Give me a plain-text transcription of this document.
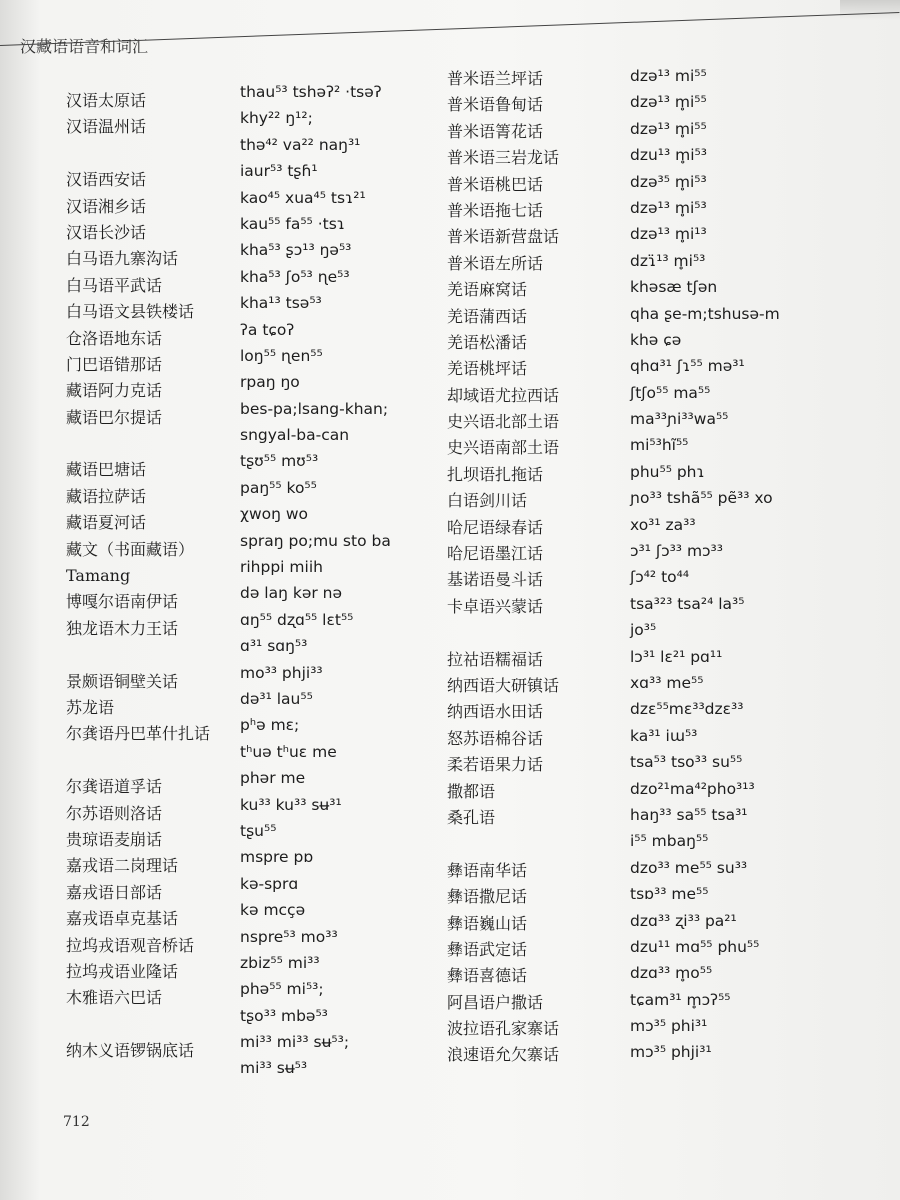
汉藏语语音和词汇
汉语太原话
汉语温州话
汉语西安话
汉语湘乡话
汉语长沙话
白马语九寨沟话
白马语平武话
白马语文县铁楼话
仓洛语地东话
门巴语错那话
藏语阿力克话
藏语巴尔提话
藏语巴塘话
藏语拉萨话
藏语夏河话
藏文（书面藏语）
Tamang
博嘎尔语南伊话
独龙语木力王话
景颇语铜壁关话
苏龙语
尔龚语丹巴革什扎话
尔龚语道孚话
尔苏语则洛话
贵琼语麦崩话
嘉戎语二岗理话
嘉戎语日部话
嘉戎语卓克基话
拉坞戎语观音桥话
拉坞戎语业隆话
木雅语六巴话
纳木义语锣锅底话
thau⁵³ tshəʔ² ·tsəʔ
khy²² ŋ¹²;
thə⁴² va²² naŋ³¹
iaur⁵³ tʂɦ¹
kao⁴⁵ xua⁴⁵ tsɿ²¹
kau⁵⁵ fa⁵⁵ ·tsɿ
kha⁵³ ʂɔ¹³ ŋə⁵³
kha⁵³ ʃo⁵³ ɳe⁵³
kha¹³ tsə⁵³
ʔa tɕoʔ
loŋ⁵⁵ ɳen⁵⁵
rpaŋ ŋo
bes-pa;lsang-khan;
sngyal-ba-can
tʂʊ⁵⁵ mʊ⁵³
paŋ⁵⁵ ko⁵⁵
χwoŋ wo
spraŋ po;mu sto ba
rihppi miih
də laŋ kər nə
ɑŋ⁵⁵ dʐɑ⁵⁵ lɛt⁵⁵
ɑ³¹ sɑŋ⁵³
mo³³ phji³³
də³¹ lau⁵⁵
pʰə mɛ;
tʰuə tʰuɛ me
phər me
ku³³ ku³³ sʉ³¹
tʂu⁵⁵
mspre pɒ
kə-sprɑ
kə mcçə
nspre⁵³ mo³³
zbiz⁵⁵ mi³³
phə⁵⁵ mi⁵³;
tʂo³³ mbə⁵³
mi³³ mi³³ sʉ⁵³;
mi³³ sʉ⁵³
普米语兰坪话
普米语鲁甸话
普米语箐花话
普米语三岩龙话
普米语桃巴话
普米语拖七话
普米语新营盘话
普米语左所话
羌语麻窝话
羌语蒲西话
羌语松潘话
羌语桃坪话
却域语尤拉西话
史兴语北部土语
史兴语南部土语
扎坝语扎拖话
白语剑川话
哈尼语绿春话
哈尼语墨江话
基诺语曼斗话
卡卓语兴蒙话
拉祜语糯福话
纳西语大研镇话
纳西语水田话
怒苏语棉谷话
柔若语果力话
撒都语
桑孔语
彝语南华话
彝语撒尼话
彝语巍山话
彝语武定话
彝语喜德话
阿昌语户撒话
波拉语孔家寨话
浪速语允欠寨话
dzə¹³ mi⁵⁵
dzə¹³ m̥i⁵⁵
dzə¹³ m̥i⁵⁵
dzu¹³ m̥i⁵³
dzə³⁵ m̥i⁵³
dzə¹³ m̥i⁵³
dzə¹³ m̥i¹³
dzɿ̈¹³ m̥i⁵³
khəsæ tʃən
qha ʂe-m;tshusə-m
khə ɕə
qhɑ³¹ ʃɿ⁵⁵ mə³¹
ʃtʃo⁵⁵ ma⁵⁵
ma³³ɲi³³wa⁵⁵
mi⁵³hĩ⁵⁵
phu⁵⁵ phɿ
ɲo³³ tshã⁵⁵ pẽ³³ xo
xo³¹ za³³
ɔ³¹ ʃɔ³³ mɔ³³
ʃɔ⁴² to⁴⁴
tsa³²³ tsa²⁴ la³⁵
jo³⁵
lɔ³¹ lɛ²¹ pɑ¹¹
xɑ³³ me⁵⁵
dzɛ⁵⁵mɛ³³dzɛ³³
ka³¹ iɯ⁵³
tsa⁵³ tso³³ su⁵⁵
dzo²¹ma⁴²pho³¹³
haŋ³³ sa⁵⁵ tsa³¹
i⁵⁵ mbaŋ⁵⁵
dzo³³ me⁵⁵ su³³
tsɒ³³ me⁵⁵
dzɑ³³ ʐi³³ pa²¹
dzu¹¹ mɑ⁵⁵ phu⁵⁵
dzɑ³³ m̥o⁵⁵
tɕam³¹ m̥ɔʔ⁵⁵
mɔ³⁵ phi³¹
mɔ³⁵ phji³¹
712
